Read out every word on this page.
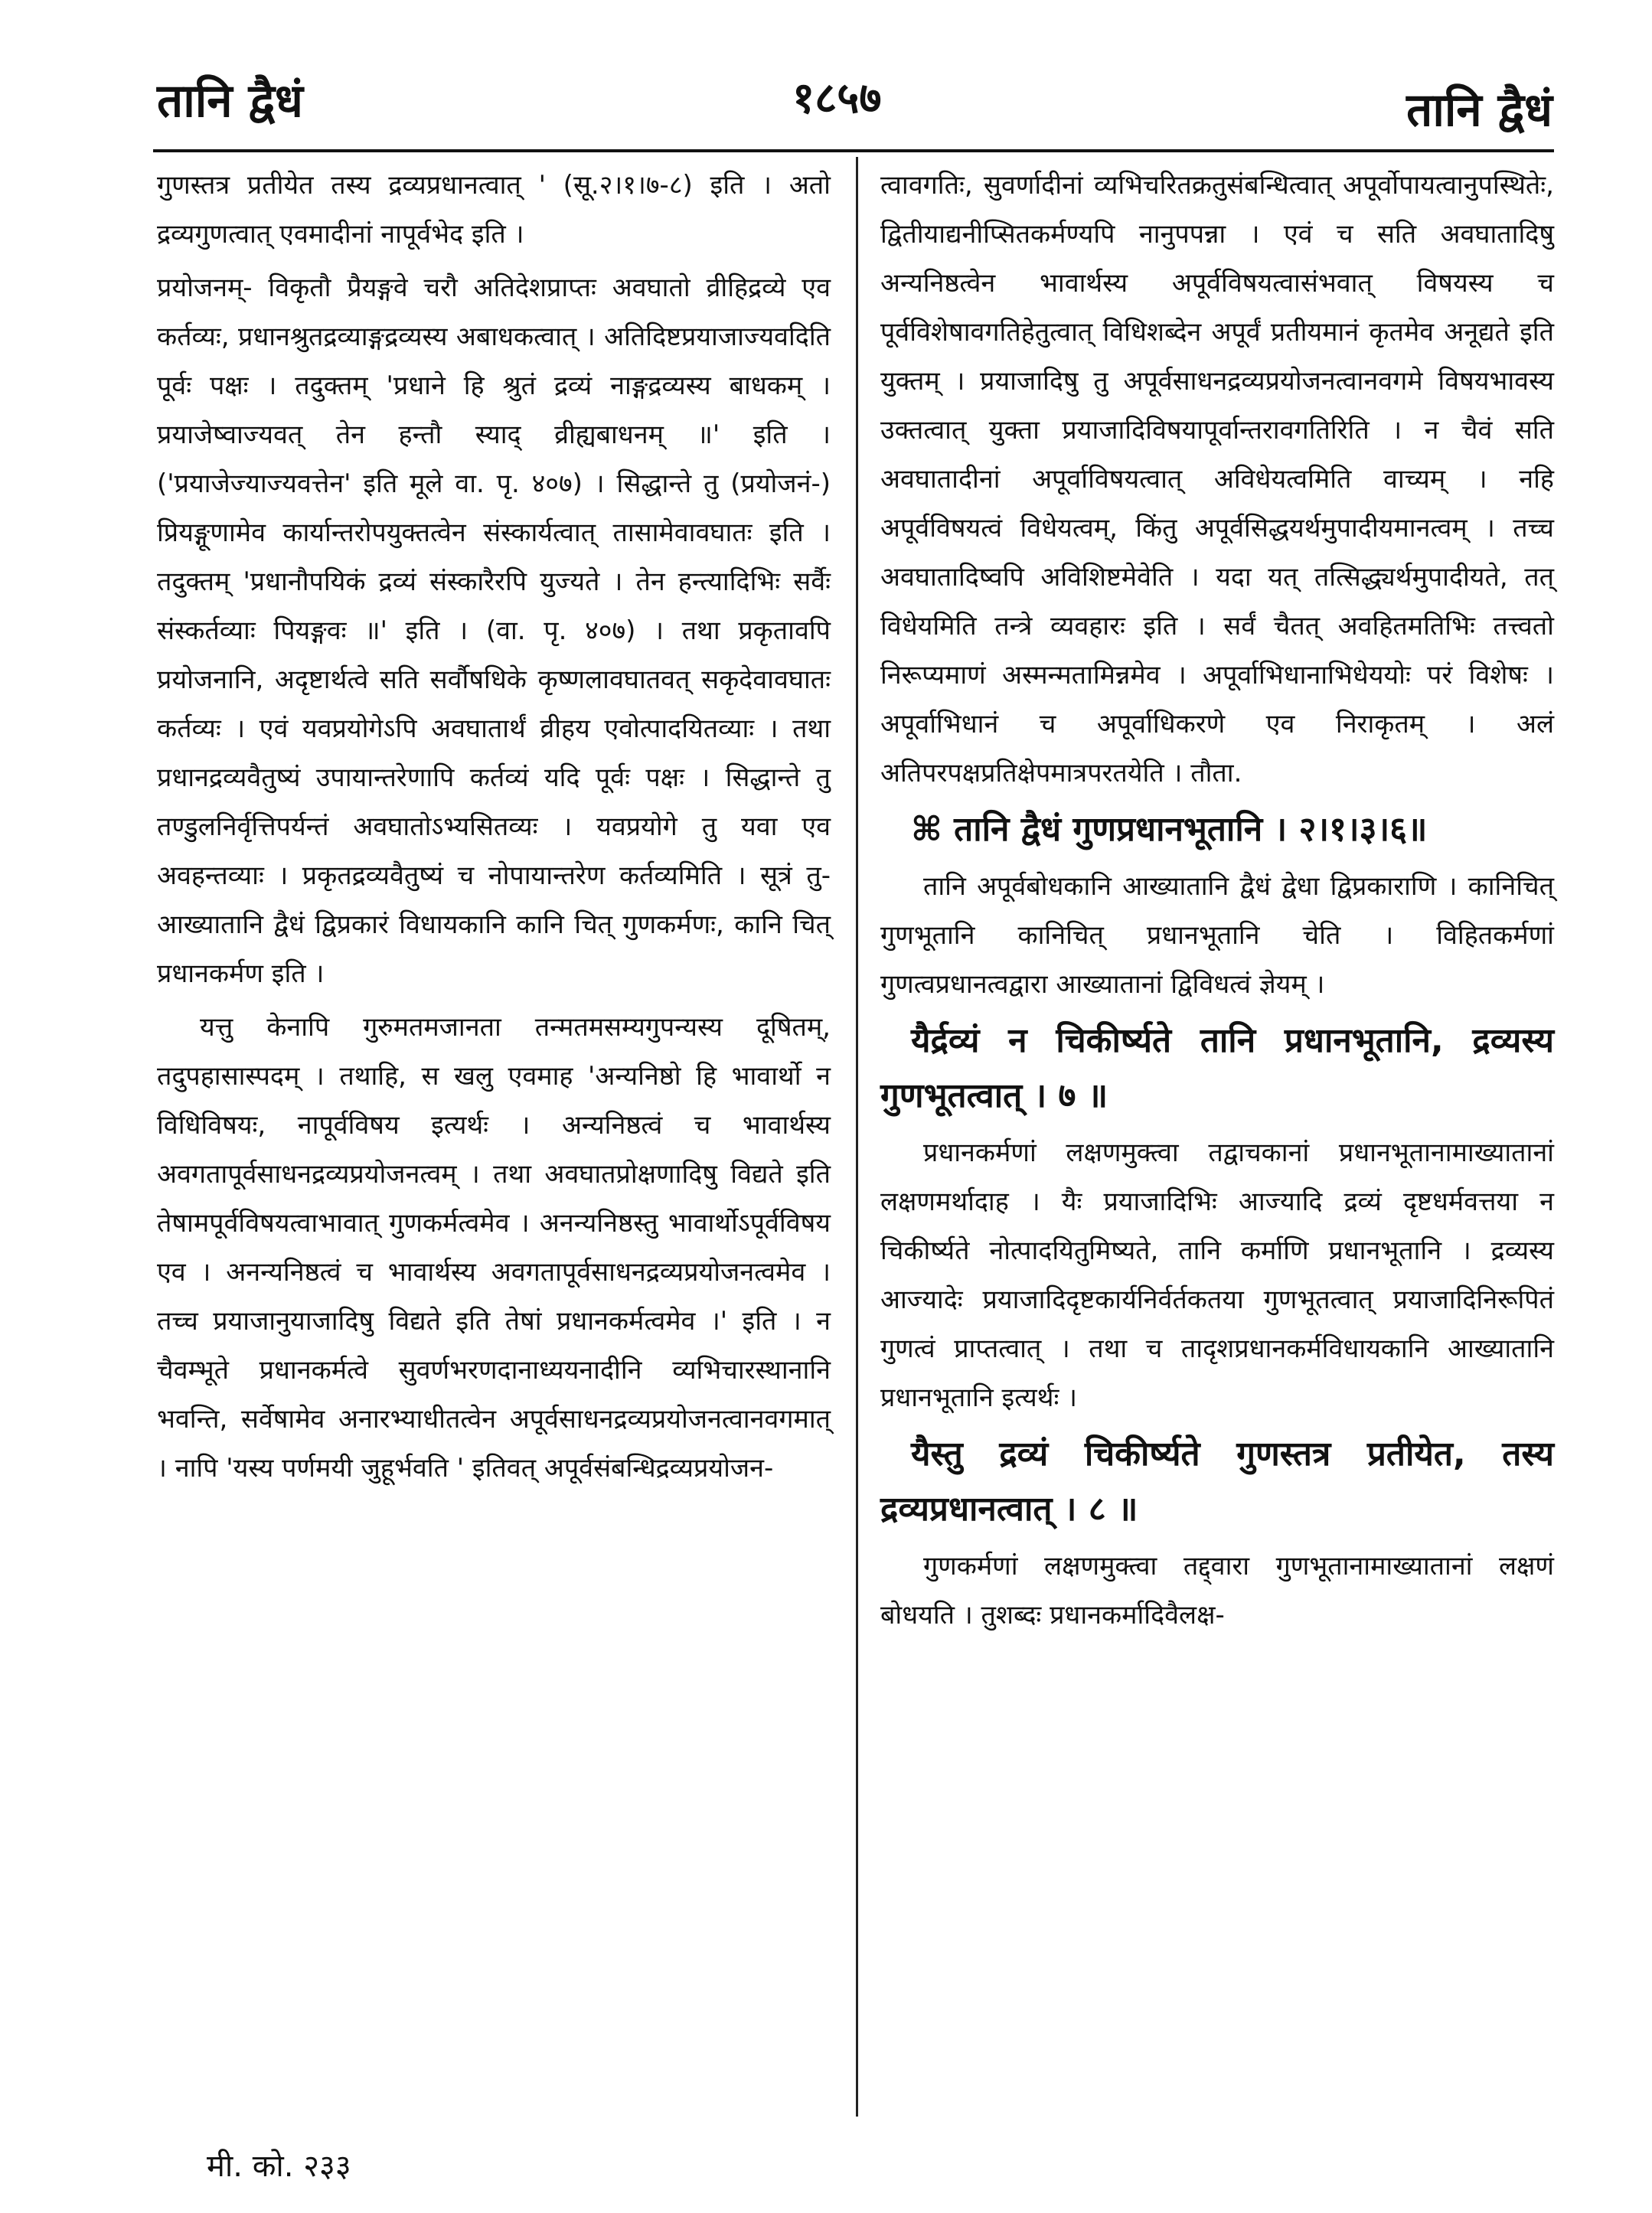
तानि द्वैधं	१८५७	तानि द्वैधं

गुणस्तत्र प्रतीयेत तस्य द्रव्यप्रधानत्वात् ' (सू.२।१।७-८) इति । अतो द्रव्यगुणत्वात् एवमादीनां नापूर्वभेद इति ।

प्रयोजनम्- विकृतौ प्रैयङ्गवे चरौ अतिदेशप्राप्तः अवघातो व्रीहिद्रव्ये एव कर्तव्यः, प्रधानश्रुतद्रव्याङ्गद्रव्यस्य अबाधकत्वात् । अतिदिष्टप्रयाजाज्यवदिति पूर्वः पक्षः । तदुक्तम् 'प्रधाने हि श्रुतं द्रव्यं नाङ्गद्रव्यस्य बाधकम् । प्रयाजेष्वाज्यवत् तेन हन्तौ स्याद् व्रीह्यबाधनम् ॥' इति । ('प्रयाजेज्याज्यवत्तेन' इति मूले वा. पृ. ४०७) । सिद्धान्ते तु (प्रयोजनं-) प्रियङ्गूणामेव कार्यान्तरोपयुक्तत्वेन संस्कार्यत्वात् तासामेवावघातः इति । तदुक्तम् 'प्रधानौपयिकं द्रव्यं संस्कारैरपि युज्यते । तेन हन्त्यादिभिः सर्वैः संस्कर्तव्याः पियङ्गवः ॥' इति । (वा. पृ. ४०७) । तथा प्रकृतावपि प्रयोजनानि, अदृष्टार्थत्वे सति सर्वौषधिके कृष्णलावघातवत् सकृदेवावघातः कर्तव्यः । एवं यवप्रयोगेऽपि अवघातार्थं व्रीहय एवोत्पादयितव्याः । तथा प्रधानद्रव्यवैतुष्यं उपायान्तरेणापि कर्तव्यं यदि पूर्वः पक्षः । सिद्धान्ते तु तण्डुलनिर्वृत्तिपर्यन्तं अवघातोऽभ्यसितव्यः । यवप्रयोगे तु यवा एव अवहन्तव्याः । प्रकृतद्रव्यवैतुष्यं च नोपायान्तरेण कर्तव्यमिति । सूत्रं तु-आख्यातानि द्वैधं द्विप्रकारं विधायकानि कानि चित् गुणकर्मणः, कानि चित् प्रधानकर्मण इति ।

यत्तु केनापि गुरुमतमजानता तन्मतमसम्यगुपन्यस्य दूषितम्, तदुपहासास्पदम् । तथाहि, स खलु एवमाह 'अन्यनिष्ठो हि भावार्थो न विधिविषयः, नापूर्वविषय इत्यर्थः । अन्यनिष्ठत्वं च भावार्थस्य अवगतापूर्वसाधनद्रव्यप्रयोजनत्वम् । तथा अवघातप्रोक्षणादिषु विद्यते इति तेषामपूर्वविषयत्वाभावात् गुणकर्मत्वमेव । अनन्यनिष्ठस्तु भावार्थोऽपूर्वविषय एव । अनन्यनिष्ठत्वं च भावार्थस्य अवगतापूर्वसाधनद्रव्यप्रयोजनत्वमेव । तच्च प्रयाजानुयाजादिषु विद्यते इति तेषां प्रधानकर्मत्वमेव ।' इति । न चैवम्भूते प्रधानकर्मत्वे सुवर्णभरणदानाध्ययनादीनि व्यभिचारस्थानानि भवन्ति, सर्वेषामेव अनारभ्याधीतत्वेन अपूर्वसाधनद्रव्यप्रयोजनत्वानवगमात् । नापि 'यस्य पर्णमयी जुहूर्भवति ' इतिवत् अपूर्वसंबन्धिद्रव्यप्रयोजन-

त्वावगतिः, सुवर्णादीनां व्यभिचरितक्रतुसंबन्धित्वात् अपूर्वोपायत्वानुपस्थितेः, द्वितीयाद्यनीप्सितकर्मण्यपि नानुपपन्ना । एवं च सति अवघातादिषु अन्यनिष्ठत्वेन भावार्थस्य अपूर्वविषयत्वासंभवात् विषयस्य च पूर्वविशेषावगतिहेतुत्वात् विधिशब्देन अपूर्वं प्रतीयमानं कृतमेव अनूद्यते इति युक्तम् । प्रयाजादिषु तु अपूर्वसाधनद्रव्यप्रयोजनत्वानवगमे विषयभावस्य उक्तत्वात् युक्ता प्रयाजादिविषयापूर्वान्तरावगतिरिति । न चैवं सति अवघातादीनां अपूर्वाविषयत्वात् अविधेयत्वमिति वाच्यम् । नहि अपूर्वविषयत्वं विधेयत्वम्, किंतु अपूर्वसिद्धयर्थमुपादीयमानत्वम् । तच्च अवघातादिष्वपि अविशिष्टमेवेति । यदा यत् तत्सिद्ध्यर्थमुपादीयते, तत् विधेयमिति तन्त्रे व्यवहारः इति । सर्वं चैतत् अवहितमतिभिः तत्त्वतो निरूप्यमाणं अस्मन्मतामिन्नमेव । अपूर्वाभिधानाभिधेययोः परं विशेषः । अपूर्वाभिधानं च अपूर्वाधिकरणे एव निराकृतम् । अलं अतिपरपक्षप्रतिक्षेपमात्रपरतयेति । तौता.

⌘ तानि द्वैधं गुणप्रधानभूतानि । २।१।३।६॥

तानि अपूर्वबोधकानि आख्यातानि द्वैधं द्वेधा द्विप्रकाराणि । कानिचित् गुणभूतानि कानिचित् प्रधानभूतानि चेति । विहितकर्मणां गुणत्वप्रधानत्वद्वारा आख्यातानां द्विविधत्वं ज्ञेयम् ।

यैर्द्रव्यं न चिकीर्ष्यते तानि प्रधानभूतानि, द्रव्यस्य गुणभूतत्वात् । ७ ॥

प्रधानकर्मणां लक्षणमुक्त्वा तद्वाचकानां प्रधानभूतानामाख्यातानां लक्षणमर्थादाह । यैः प्रयाजादिभिः आज्यादि द्रव्यं दृष्टधर्मवत्तया न चिकीर्ष्यते नोत्पादयितुमिष्यते, तानि कर्माणि प्रधानभूतानि । द्रव्यस्य आज्यादेः प्रयाजादिदृष्टकार्यनिर्वर्तकतया गुणभूतत्वात् प्रयाजादिनिरूपितं गुणत्वं प्राप्तत्वात् । तथा च तादृशप्रधानकर्मविधायकानि आख्यातानि प्रधानभूतानि इत्यर्थः ।

यैस्तु द्रव्यं चिकीर्ष्यते गुणस्तत्र प्रतीयेत, तस्य द्रव्यप्रधानत्वात् । ८ ॥

गुणकर्मणां लक्षणमुक्त्वा तद्द्वारा गुणभूतानामाख्यातानां लक्षणं बोधयति । तुशब्दः प्रधानकर्मादिवैलक्ष-

मी. को. २३३
